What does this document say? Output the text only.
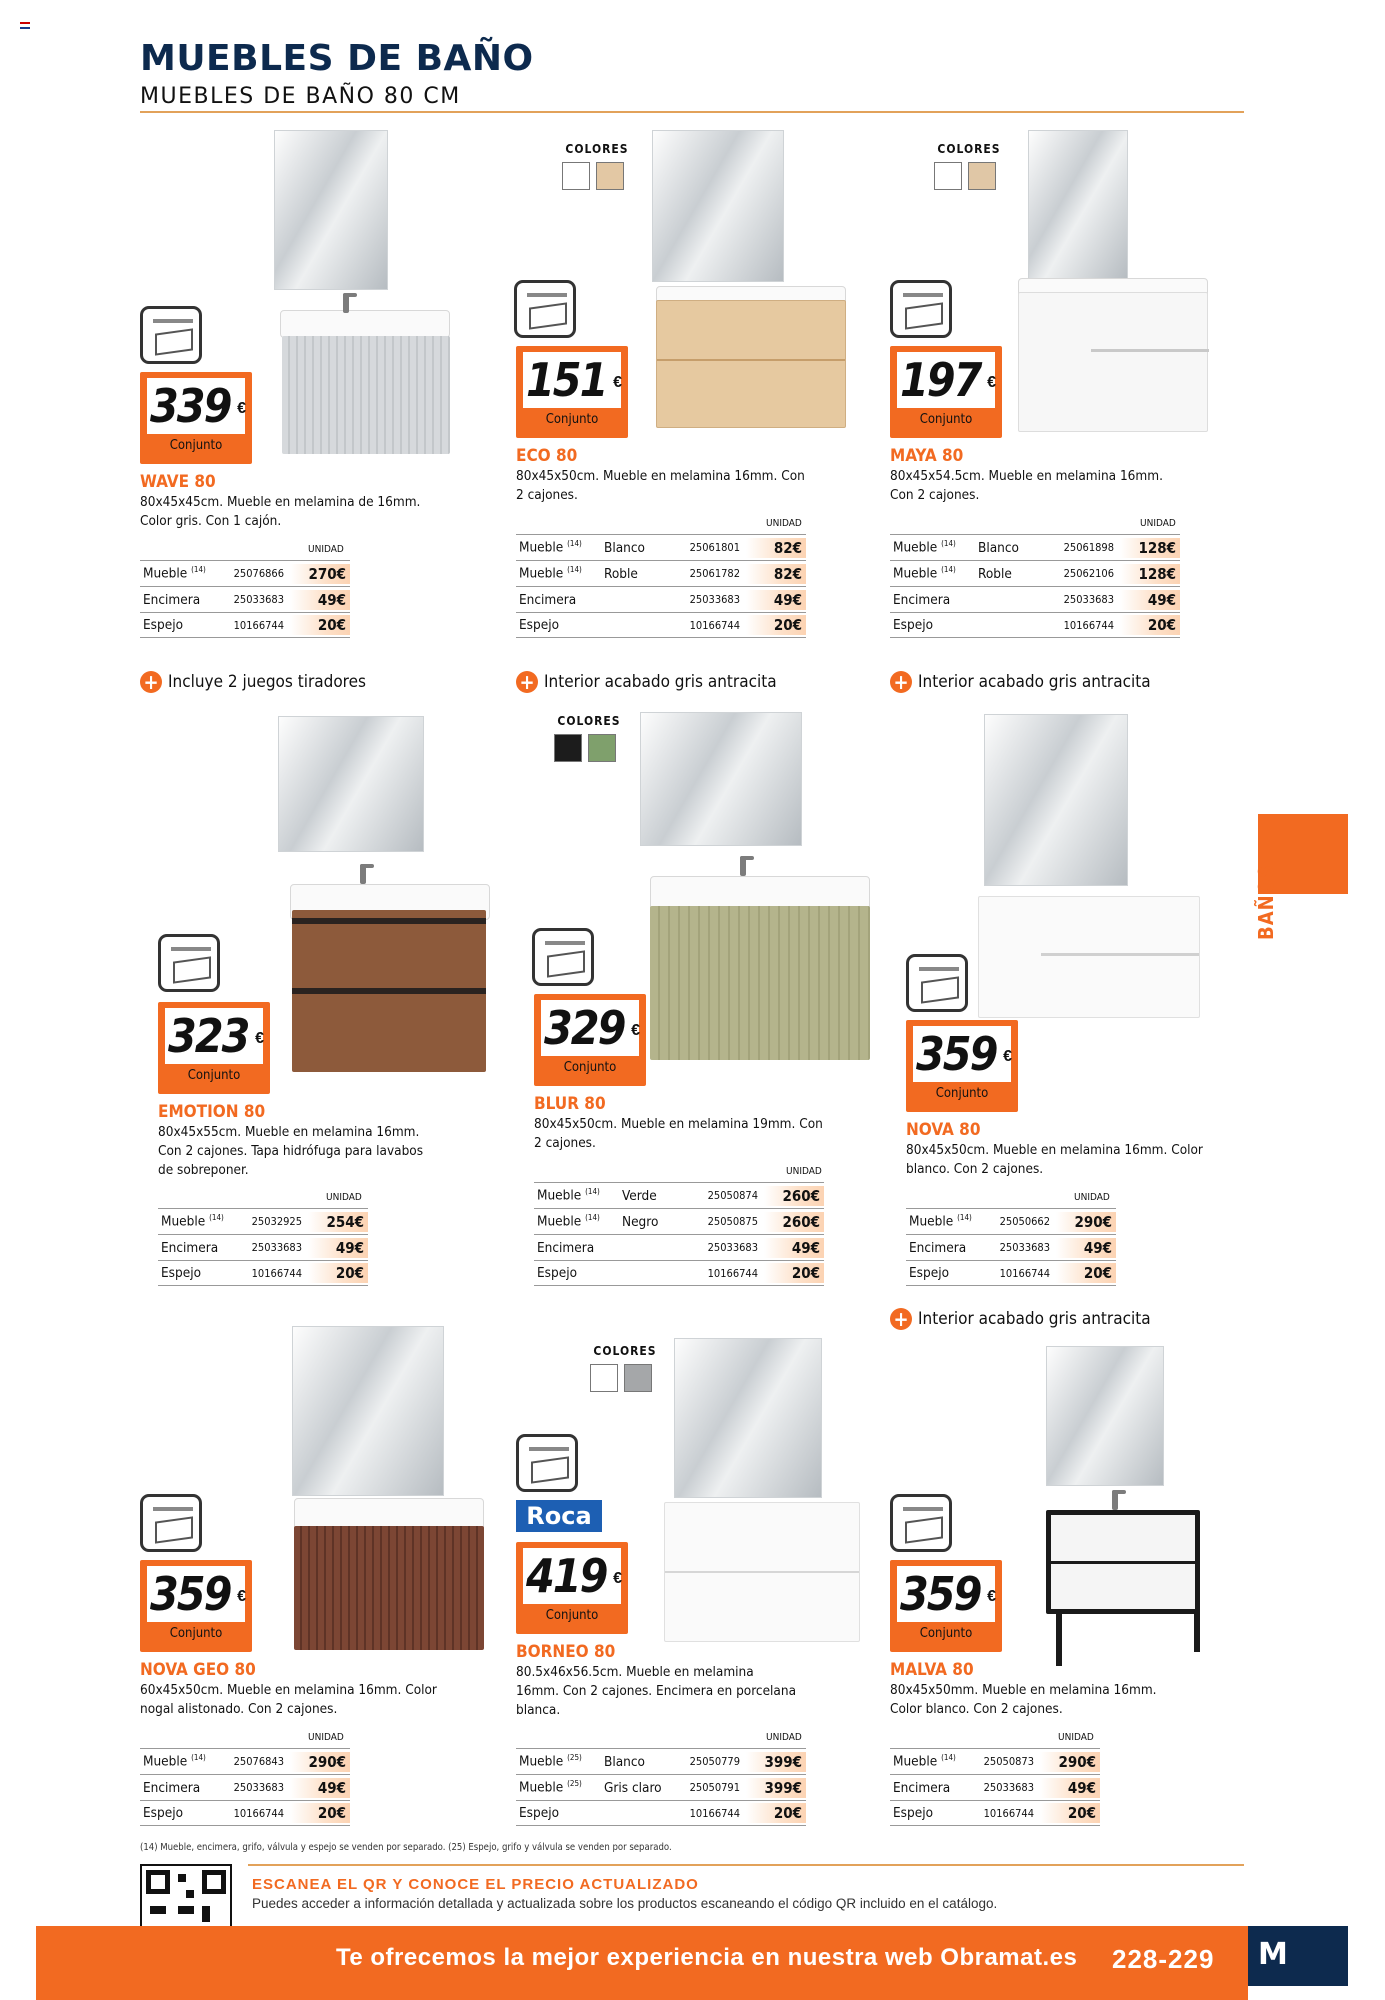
MUEBLES DE BAÑO
MUEBLES DE BAÑO 80 CM
BAÑOS
339 €
Conjunto
WAVE 80
80x45x45cm. Mueble en melamina de 16mm. Color gris. Con 1 cajón.
UNIDAD
Mueble $^{(14)}$	25076866	270€
Encimera	25033683	49€
Espejo	10166744	20€
+ Incluye 2 juegos tiradores
COLORES
151 €
Conjunto
ECO 80
80x45x50cm. Mueble en melamina 16mm. Con 2 cajones.
UNIDAD
Mueble $^{(14)}$	Blanco	25061801	82€
Mueble $^{(14)}$	Roble	25061782	82€
Encimera	25033683	49€
Espejo	10166744	20€
+ Interior acabado gris antracita
COLORES
197 €
Conjunto
MAYA 80
80x45x54.5cm. Mueble en melamina 16mm. Con 2 cajones.
UNIDAD
Mueble $^{(14)}$	Blanco	25061898	128€
Mueble $^{(14)}$	Roble	25062106	128€
Encimera	25033683	49€
Espejo	10166744	20€
+ Interior acabado gris antracita
323 €
Conjunto
EMOTION 80
80x45x55cm. Mueble en melamina 16mm. Con 2 cajones. Tapa hidrófuga para lavabos de sobreponer.
UNIDAD
Mueble $^{(14)}$	25032925	254€
Encimera	25033683	49€
Espejo	10166744	20€
COLORES
329 €
Conjunto
BLUR 80
80x45x50cm. Mueble en melamina 19mm. Con 2 cajones.
UNIDAD
Mueble $^{(14)}$	Verde	25050874	260€
Mueble $^{(14)}$	Negro	25050875	260€
Encimera	25033683	49€
Espejo	10166744	20€
359 €
Conjunto
NOVA 80
80x45x50cm. Mueble en melamina 16mm. Color blanco. Con 2 cajones.
UNIDAD
Mueble $^{(14)}$	25050662	290€
Encimera	25033683	49€
Espejo	10166744	20€
+ Interior acabado gris antracita
359 €
Conjunto
NOVA GEO 80
60x45x50cm. Mueble en melamina 16mm. Color nogal alistonado. Con 2 cajones.
UNIDAD
Mueble $^{(14)}$	25076843	290€
Encimera	25033683	49€
Espejo	10166744	20€
COLORES
Roca
419 €
Conjunto
BORNEO 80
80.5x46x56.5cm. Mueble en melamina 16mm. Con 2 cajones. Encimera en porcelana blanca.
UNIDAD
Mueble $^{(25)}$	Blanco	25050779	399€
Mueble $^{(25)}$	Gris claro	25050791	399€
Espejo	10166744	20€
359 €
Conjunto
MALVA 80
80x45x50mm. Mueble en melamina 16mm. Color blanco. Con 2 cajones.
UNIDAD
Mueble $^{(14)}$	25050873	290€
Encimera	25033683	49€
Espejo	10166744	20€
(14) Mueble, encimera, grifo, válvula y espejo se venden por separado. (25) Espejo, grifo y válvula se venden por separado.
ESCANEA EL QR Y CONOCE EL PRECIO ACTUALIZADO
Puedes acceder a información detallada y actualizada sobre los productos escaneando el código QR incluido en el catálogo.
Te ofrecemos la mejor experiencia en nuestra web Obramat.es 228-229 M
